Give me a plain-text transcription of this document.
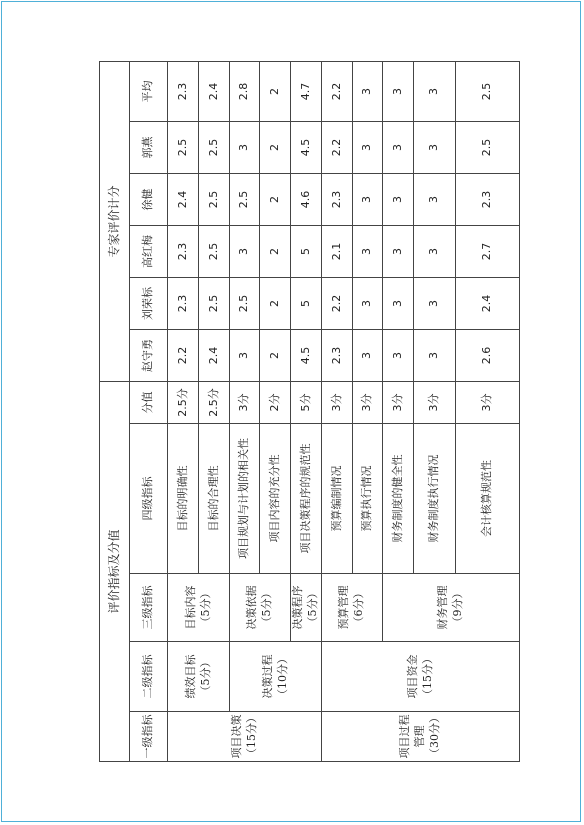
评价指标及分值					专家评价计分					
一级指标	二级指标	三级指标	四级指标	分值	赵守勇	刘荣标	高红梅	徐健	郭燕	平均
项目决策 （15分）	绩效目标 （5分）	目标内容 （5分）	目标的明确性	2.5分	2.2	2.3	2.3	2.4	2.5	2.3
			目标的合理性	2.5分	2.4	2.5	2.5	2.5	2.5	2.4
	决策过程 （10分）	决策依据 （5分）	项目规划与计划的相关性	3分	3	2.5	3	2.5	3	2.8
			项目内容的充分性	2分	2	2	2	2	2	2
		决策程序 （5分）	项目决策程序的规范性	5分	4.5	5	5	4.6	4.5	4.7
项目过程管理 （30分）	项目资金 （15分）	预算管理 （6分）	预算编制情况	3分	2.3	2.2	2.1	2.3	2.2	2.2
			预算执行情况	3分	3	3	3	3	3	3
		财务管理 （9分）	财务制度的健全性	3分	3	3	3	3	3	3
			财务制度执行情况	3分	3	3	3	3	3	3
			会计核算规范性	3分	2.6	2.4	2.7	2.3	2.5	2.5
